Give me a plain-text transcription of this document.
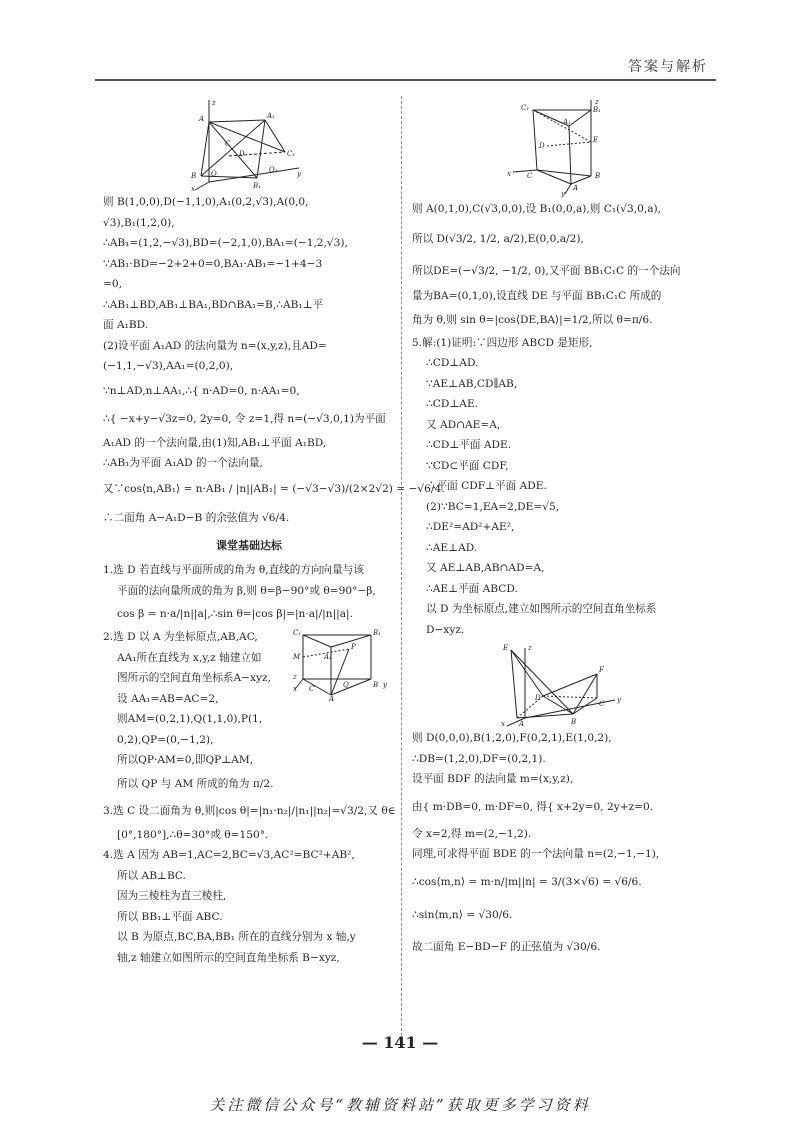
答案与解析
z
A	A₁
C
D	C₁
O	O₁	y
B
B₁
x
则 B(1,0,0),D(−1,1,0),A₁(0,2,√3),A(0,0,
√3),B₁(1,2,0),
∴AB₁=(1,2,−√3),BD=(−2,1,0),BA₁=(−1,2,√3),
∵AB₁·BD=−2+2+0=0,BA₁·AB₁=−1+4−3
=0,
∴AB₁⊥BD,AB₁⊥BA₁,BD∩BA₁=B,∴AB₁⊥平
面 A₁BD.
(2)设平面 A₁AD 的法向量为 n=(x,y,z),且AD=
(−1,1,−√3),AA₁=(0,2,0),
∵n⊥AD,n⊥AA₁,∴{ n·AD=0, n·AA₁=0,
∴{ −x+y−√3z=0, 2y=0, 令 z=1,得 n=(−√3,0,1)为平面
A₁AD 的一个法向量,由(1)知,AB₁⊥平面 A₁BD,
∴AB₁为平面 A₁AD 的一个法向量,
又∵cos⟨n,AB₁⟩ = n·AB₁ / |n||AB₁| = (−√3−√3)/(2×2√2) = −√6/4.
∴二面角 A−A₁D−B 的余弦值为 √6/4.
课堂基础达标
1.选 D 若直线与平面所成的角为 θ,直线的方向向量与该
平面的法向量所成的角为 β,则 θ=β−90°或 θ=90°−β,
cos β = n·a/|n||a|,∴sin θ=|cos β|=|n·a|/|n||a|.
C₁	B₁
A₁
P
M
A
z
y
Q	B
x C
2.选 D 以 A 为坐标原点,AB,AC,
AA₁所在直线为 x,y,z 轴建立如
图所示的空间直角坐标系A−xyz,
设 AA₁=AB=AC=2,
则AM=(0,2,1),Q(1,1,0),P(1,
0,2),QP=(0,−1,2),
所以QP·AM=0,即QP⊥AM,
所以 QP 与 AM 所成的角为 π/2.
3.选 C 设二面角为 θ,则|cos θ|=|n₁·n₂|/|n₁||n₂|=√3/2,又 θ∈
[0°,180°],∴θ=30°或 θ=150°.
4.选 A 因为 AB=1,AC=2,BC=√3,AC²=BC²+AB²,
所以 AB⊥BC.
因为三棱柱为直三棱柱,
所以 BB₁⊥平面 ABC.
以 B 为原点,BC,BA,BB₁ 所在的直线分别为 x 轴,y
轴,z 轴建立如图所示的空间直角坐标系 B−xyz,
z
C₁	B₁
A₁
E
D
x C	B
A
y
则 A(0,1,0),C(√3,0,0),设 B₁(0,0,a),则 C₁(√3,0,a),
所以 D(√3/2, 1/2, a/2),E(0,0,a/2),
所以DE=(−√3/2, −1/2, 0),又平面 BB₁C₁C 的一个法向
量为BA=(0,1,0),设直线 DE 与平面 BB₁C₁C 所成的
角为 θ,则 sin θ=|cos⟨DE,BA⟩|=1/2,所以 θ=π/6.
5.解:(1)证明:∵四边形 ABCD 是矩形,
∴CD⊥AD.
∵AE⊥AB,CD∥AB,
∴CD⊥AE.
又 AD∩AE=A,
∴CD⊥平面 ADE.
∵CD⊂平面 CDF,
∴平面 CDF⊥平面 ADE.
(2)∵BC=1,EA=2,DE=√5,
∴DE²=AD²+AE²,
∴AE⊥AD.
又 AE⊥AB,AB∩AD=A,
∴AE⊥平面 ABCD.
以 D 为坐标原点,建立如图所示的空间直角坐标系
D−xyz.
E	z
F
D	y
A	B
C
x
则 D(0,0,0),B(1,2,0),F(0,2,1),E(1,0,2),
∴DB=(1,2,0),DF=(0,2,1).
设平面 BDF 的法向量 m=(x,y,z),
由{ m·DB=0, m·DF=0, 得{ x+2y=0, 2y+z=0.
令 x=2,得 m=(2,−1,2).
同理,可求得平面 BDE 的一个法向量 n=(2,−1,−1),
∴cos⟨m,n⟩ = m·n/|m||n| = 3/(3×√6) = √6/6.
∴sin⟨m,n⟩ = √30/6.
故二面角 E−BD−F 的正弦值为 √30/6.
— 141 —
关注微信公众号“教辅资料站”获取更多学习资料
